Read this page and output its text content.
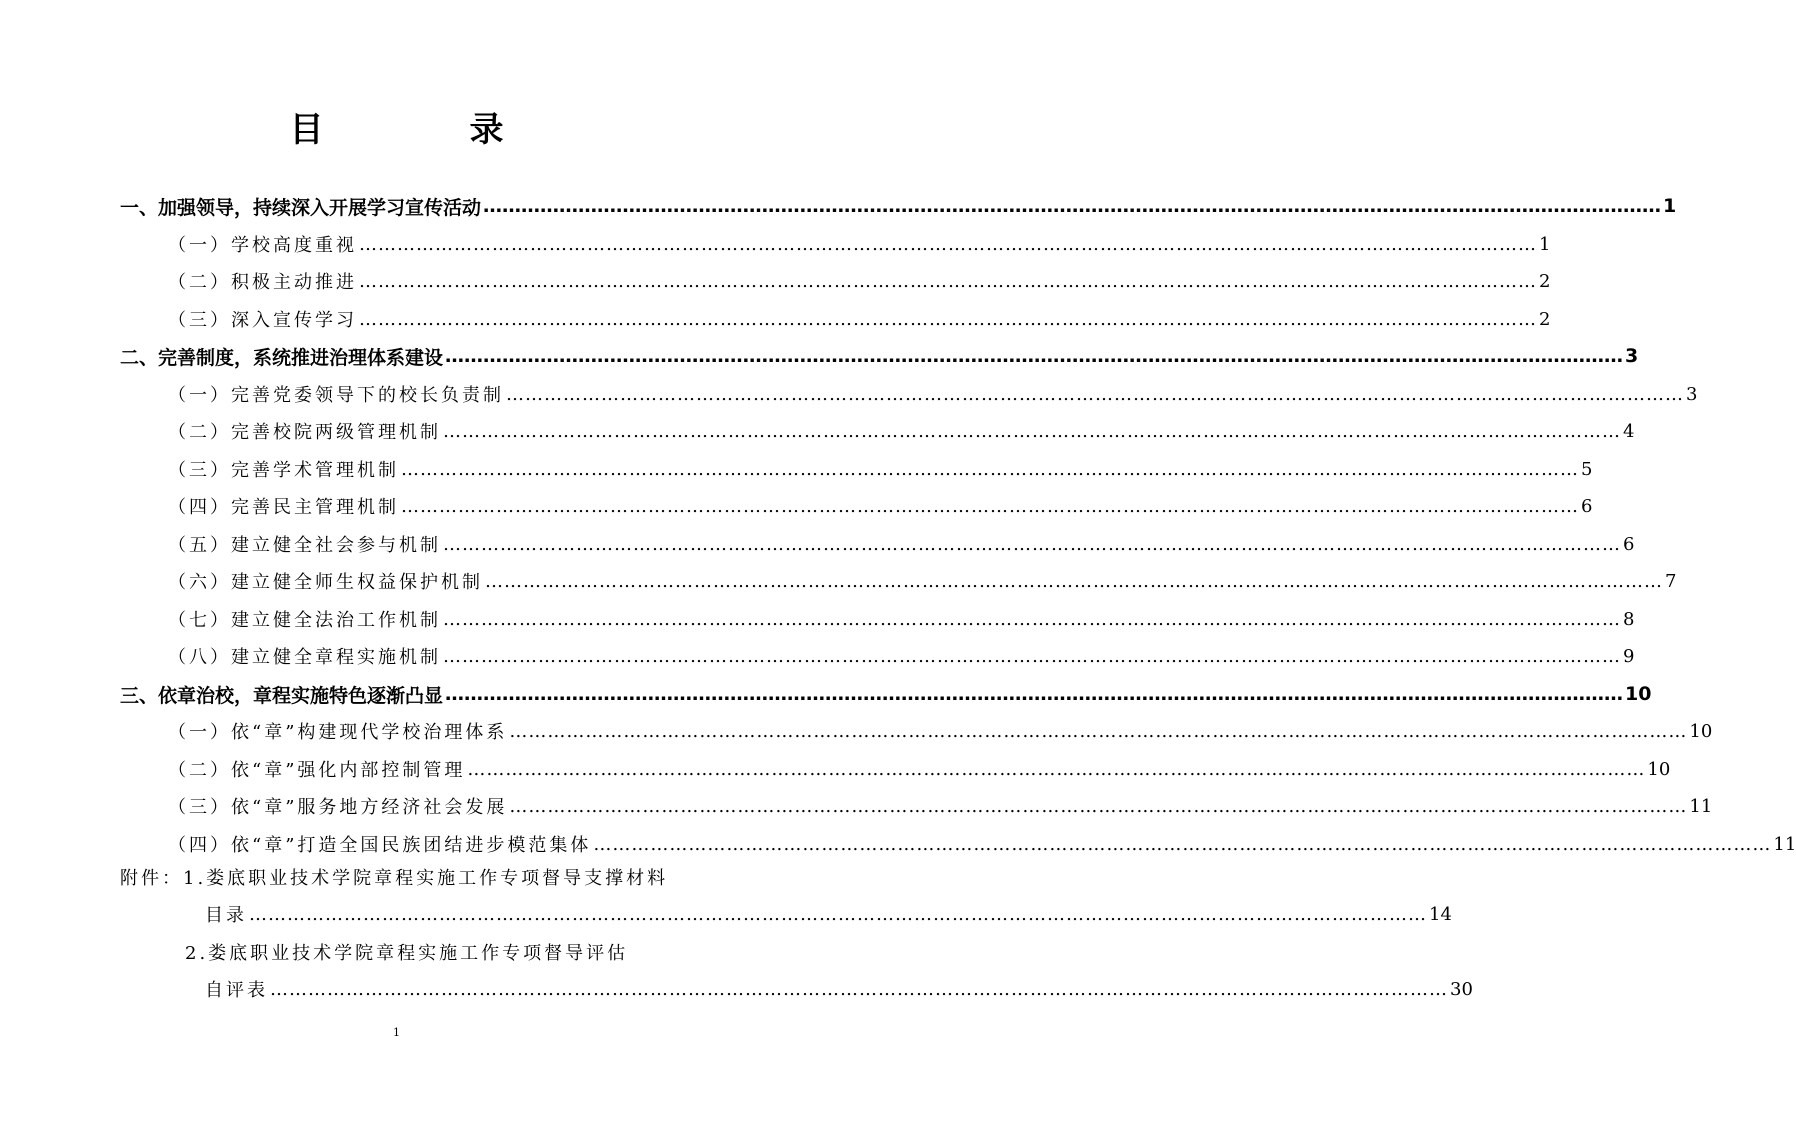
目　录
一、加强领导，持续深入开展学习宣传活动 …………………………………………………………………………………………………………………………………………………………………… 1
（一）学校高度重视 …………………………………………………………………………………………………………………………………………………………………… 1
（二）积极主动推进 …………………………………………………………………………………………………………………………………………………………………… 2
（三）深入宣传学习 …………………………………………………………………………………………………………………………………………………………………… 2
二、完善制度，系统推进治理体系建设 …………………………………………………………………………………………………………………………………………………………………… 3
（一）完善党委领导下的校长负责制 …………………………………………………………………………………………………………………………………………………………………… 3
（二）完善校院两级管理机制 …………………………………………………………………………………………………………………………………………………………………… 4
（三）完善学术管理机制 …………………………………………………………………………………………………………………………………………………………………… 5
（四）完善民主管理机制 …………………………………………………………………………………………………………………………………………………………………… 6
（五）建立健全社会参与机制 …………………………………………………………………………………………………………………………………………………………………… 6
（六）建立健全师生权益保护机制 …………………………………………………………………………………………………………………………………………………………………… 7
（七）建立健全法治工作机制 …………………………………………………………………………………………………………………………………………………………………… 8
（八）建立健全章程实施机制 …………………………………………………………………………………………………………………………………………………………………… 9
三、依章治校，章程实施特色逐渐凸显 …………………………………………………………………………………………………………………………………………………………………… 10
（一）依“章”构建现代学校治理体系 …………………………………………………………………………………………………………………………………………………………………… 10
（二）依“章”强化内部控制管理 …………………………………………………………………………………………………………………………………………………………………… 10
（三）依“章”服务地方经济社会发展 …………………………………………………………………………………………………………………………………………………………………… 11
（四）依“章”打造全国民族团结进步模范集体 …………………………………………………………………………………………………………………………………………………………………… 11
附件： 1.娄底职业技术学院章程实施工作专项督导支撑材料
目录 …………………………………………………………………………………………………………………………………………………………………… 14
2.娄底职业技术学院章程实施工作专项督导评估
自评表 …………………………………………………………………………………………………………………………………………………………………… 30
1
